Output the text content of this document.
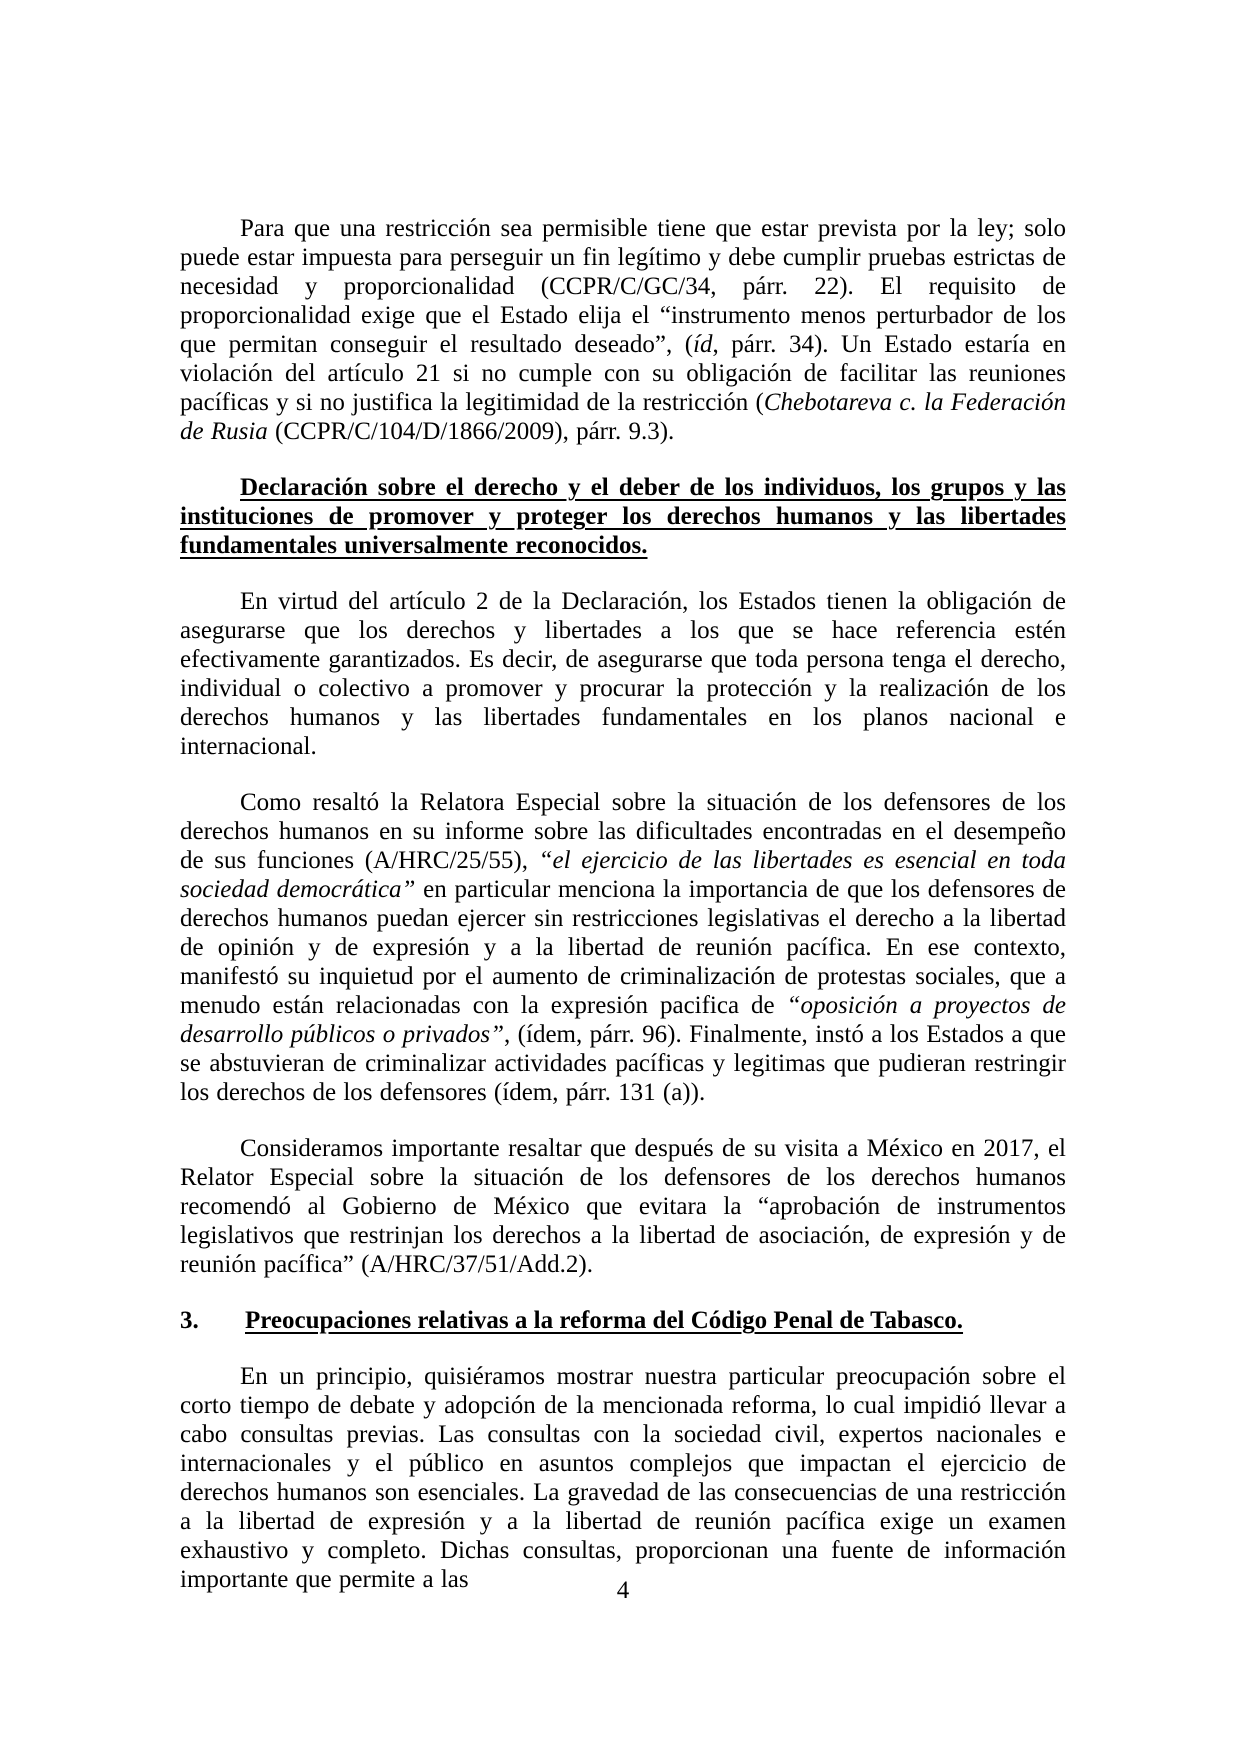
Para que una restricción sea permisible tiene que estar prevista por la ley; solo puede estar impuesta para perseguir un fin legítimo y debe cumplir pruebas estrictas de necesidad y proporcionalidad (CCPR/C/GC/34, párr. 22). El requisito de proporcionalidad exige que el Estado elija el “instrumento menos perturbador de los que permitan conseguir el resultado deseado”, (íd, párr. 34). Un Estado estaría en violación del artículo 21 si no cumple con su obligación de facilitar las reuniones pacíficas y si no justifica la legitimidad de la restricción (Chebotareva c. la Federación de Rusia (CCPR/C/104/D/1866/2009), párr. 9.3).

Declaración sobre el derecho y el deber de los individuos, los grupos y las instituciones de promover y proteger los derechos humanos y las libertades fundamentales universalmente reconocidos.

En virtud del artículo 2 de la Declaración, los Estados tienen la obligación de asegurarse que los derechos y libertades a los que se hace referencia estén efectivamente garantizados. Es decir, de asegurarse que toda persona tenga el derecho, individual o colectivo a promover y procurar la protección y la realización de los derechos humanos y las libertades fundamentales en los planos nacional e internacional.

Como resaltó la Relatora Especial sobre la situación de los defensores de los derechos humanos en su informe sobre las dificultades encontradas en el desempeño de sus funciones (A/HRC/25/55), “el ejercicio de las libertades es esencial en toda sociedad democrática” en particular menciona la importancia de que los defensores de derechos humanos puedan ejercer sin restricciones legislativas el derecho a la libertad de opinión y de expresión y a la libertad de reunión pacífica. En ese contexto, manifestó su inquietud por el aumento de criminalización de protestas sociales, que a menudo están relacionadas con la expresión pacifica de “oposición a proyectos de desarrollo públicos o privados”, (ídem, párr. 96). Finalmente, instó a los Estados a que se abstuvieran de criminalizar actividades pacíficas y legitimas que pudieran restringir los derechos de los defensores (ídem, párr. 131 (a)).

Consideramos importante resaltar que después de su visita a México en 2017, el Relator Especial sobre la situación de los defensores de los derechos humanos recomendó al Gobierno de México que evitara la “aprobación de instrumentos legislativos que restrinjan los derechos a la libertad de asociación, de expresión y de reunión pacífica” (A/HRC/37/51/Add.2).

3. Preocupaciones relativas a la reforma del Código Penal de Tabasco.

En un principio, quisiéramos mostrar nuestra particular preocupación sobre el corto tiempo de debate y adopción de la mencionada reforma, lo cual impidió llevar a cabo consultas previas. Las consultas con la sociedad civil, expertos nacionales e internacionales y el público en asuntos complejos que impactan el ejercicio de derechos humanos son esenciales. La gravedad de las consecuencias de una restricción a la libertad de expresión y a la libertad de reunión pacífica exige un examen exhaustivo y completo. Dichas consultas, proporcionan una fuente de información importante que permite a las	4
